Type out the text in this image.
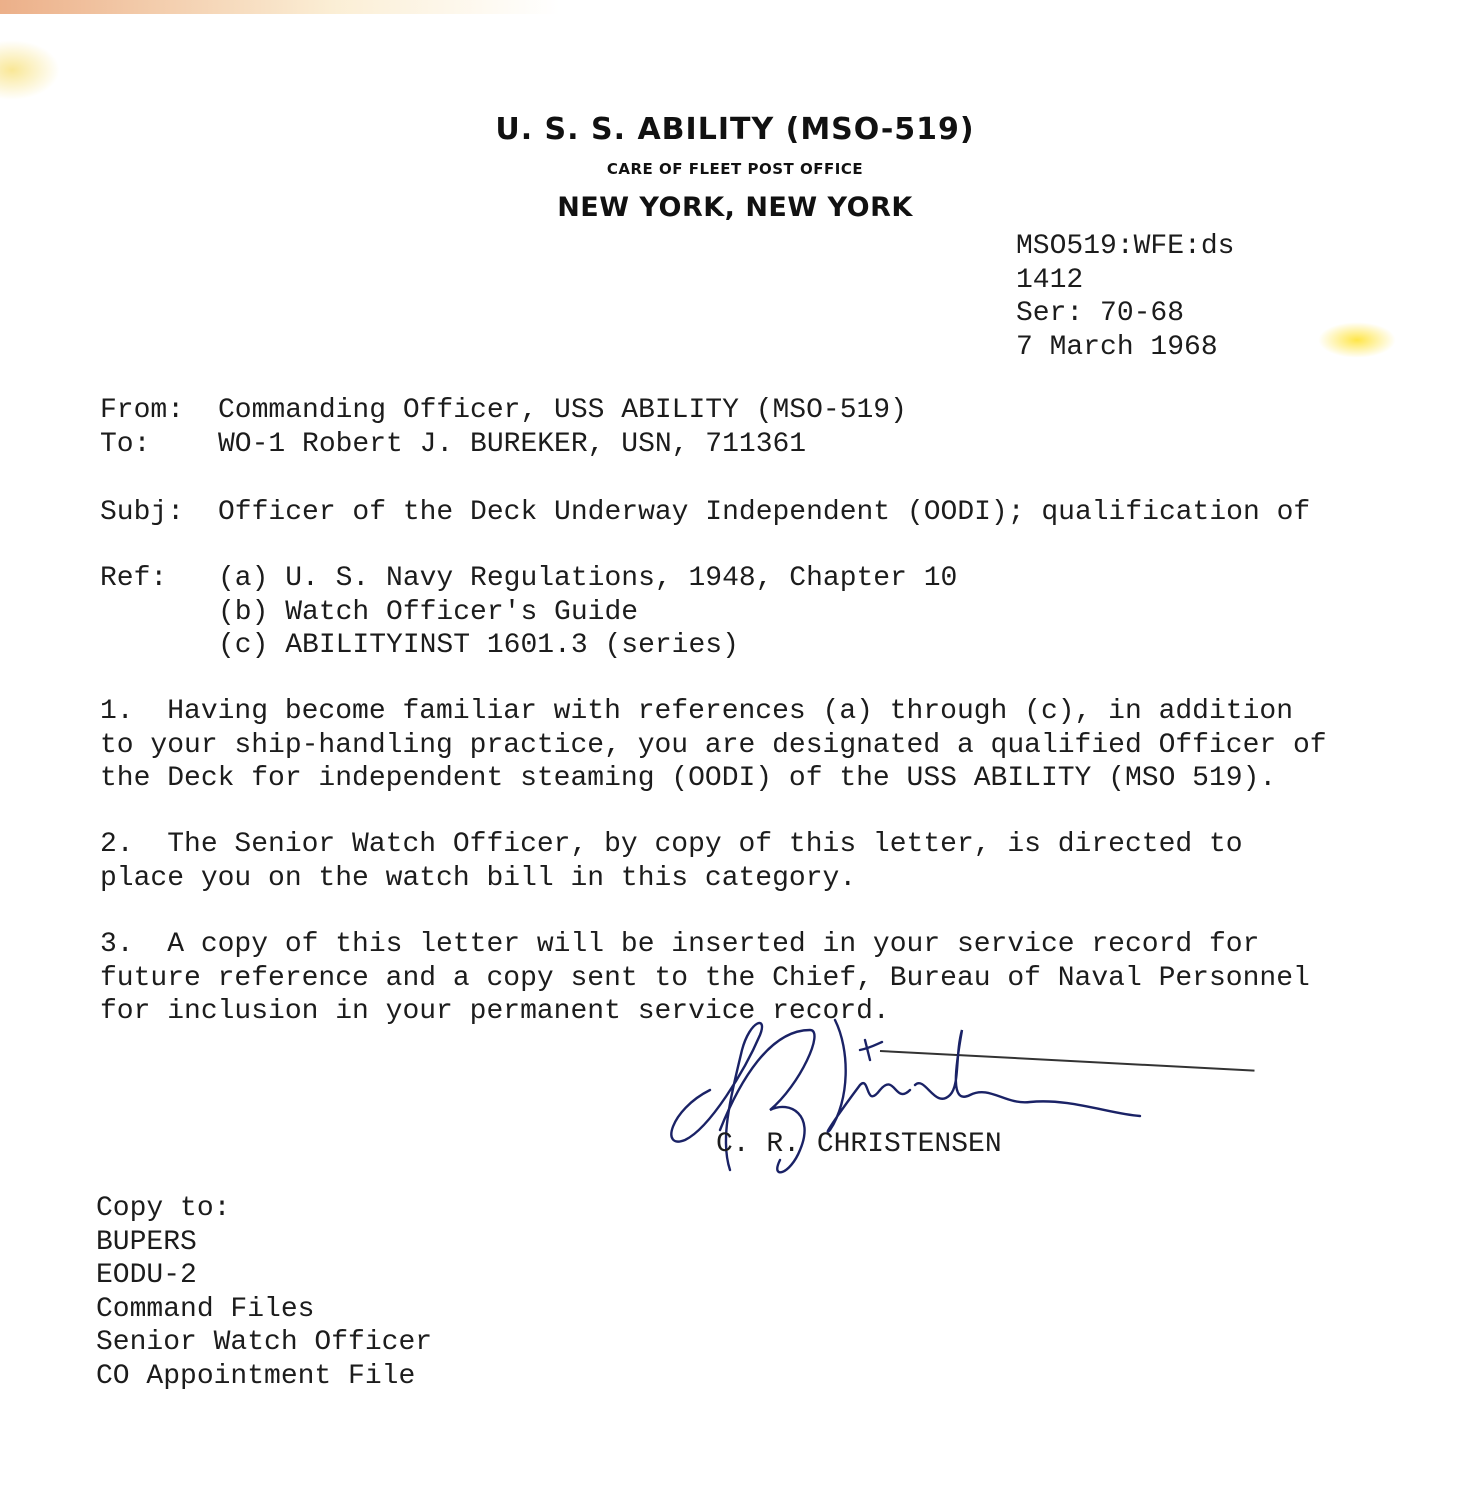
U. S. S. ABILITY (MSO-519)
CARE OF FLEET POST OFFICE
NEW YORK, NEW YORK
MSO519:WFE:ds
1412
Ser: 70-68
7 March 1968
From: Commanding Officer, USS ABILITY (MSO-519)
To: WO-1 Robert J. BUREKER, USN, 711361
Subj: Officer of the Deck Underway Independent (OODI); qualification of
Ref: (a) U. S. Navy Regulations, 1948, Chapter 10
(b) Watch Officer's Guide
(c) ABILITYINST 1601.3 (series)
1.  Having become familiar with references (a) through (c), in addition
to your ship-handling practice, you are designated a qualified Officer of
the Deck for independent steaming (OODI) of the USS ABILITY (MSO 519).
2.  The Senior Watch Officer, by copy of this letter, is directed to
place you on the watch bill in this category.
3.  A copy of this letter will be inserted in your service record for
future reference and a copy sent to the Chief, Bureau of Naval Personnel
for inclusion in your permanent service record.
C. R. CHRISTENSEN
Copy to:
BUPERS
EODU-2
Command Files
Senior Watch Officer
CO Appointment File
